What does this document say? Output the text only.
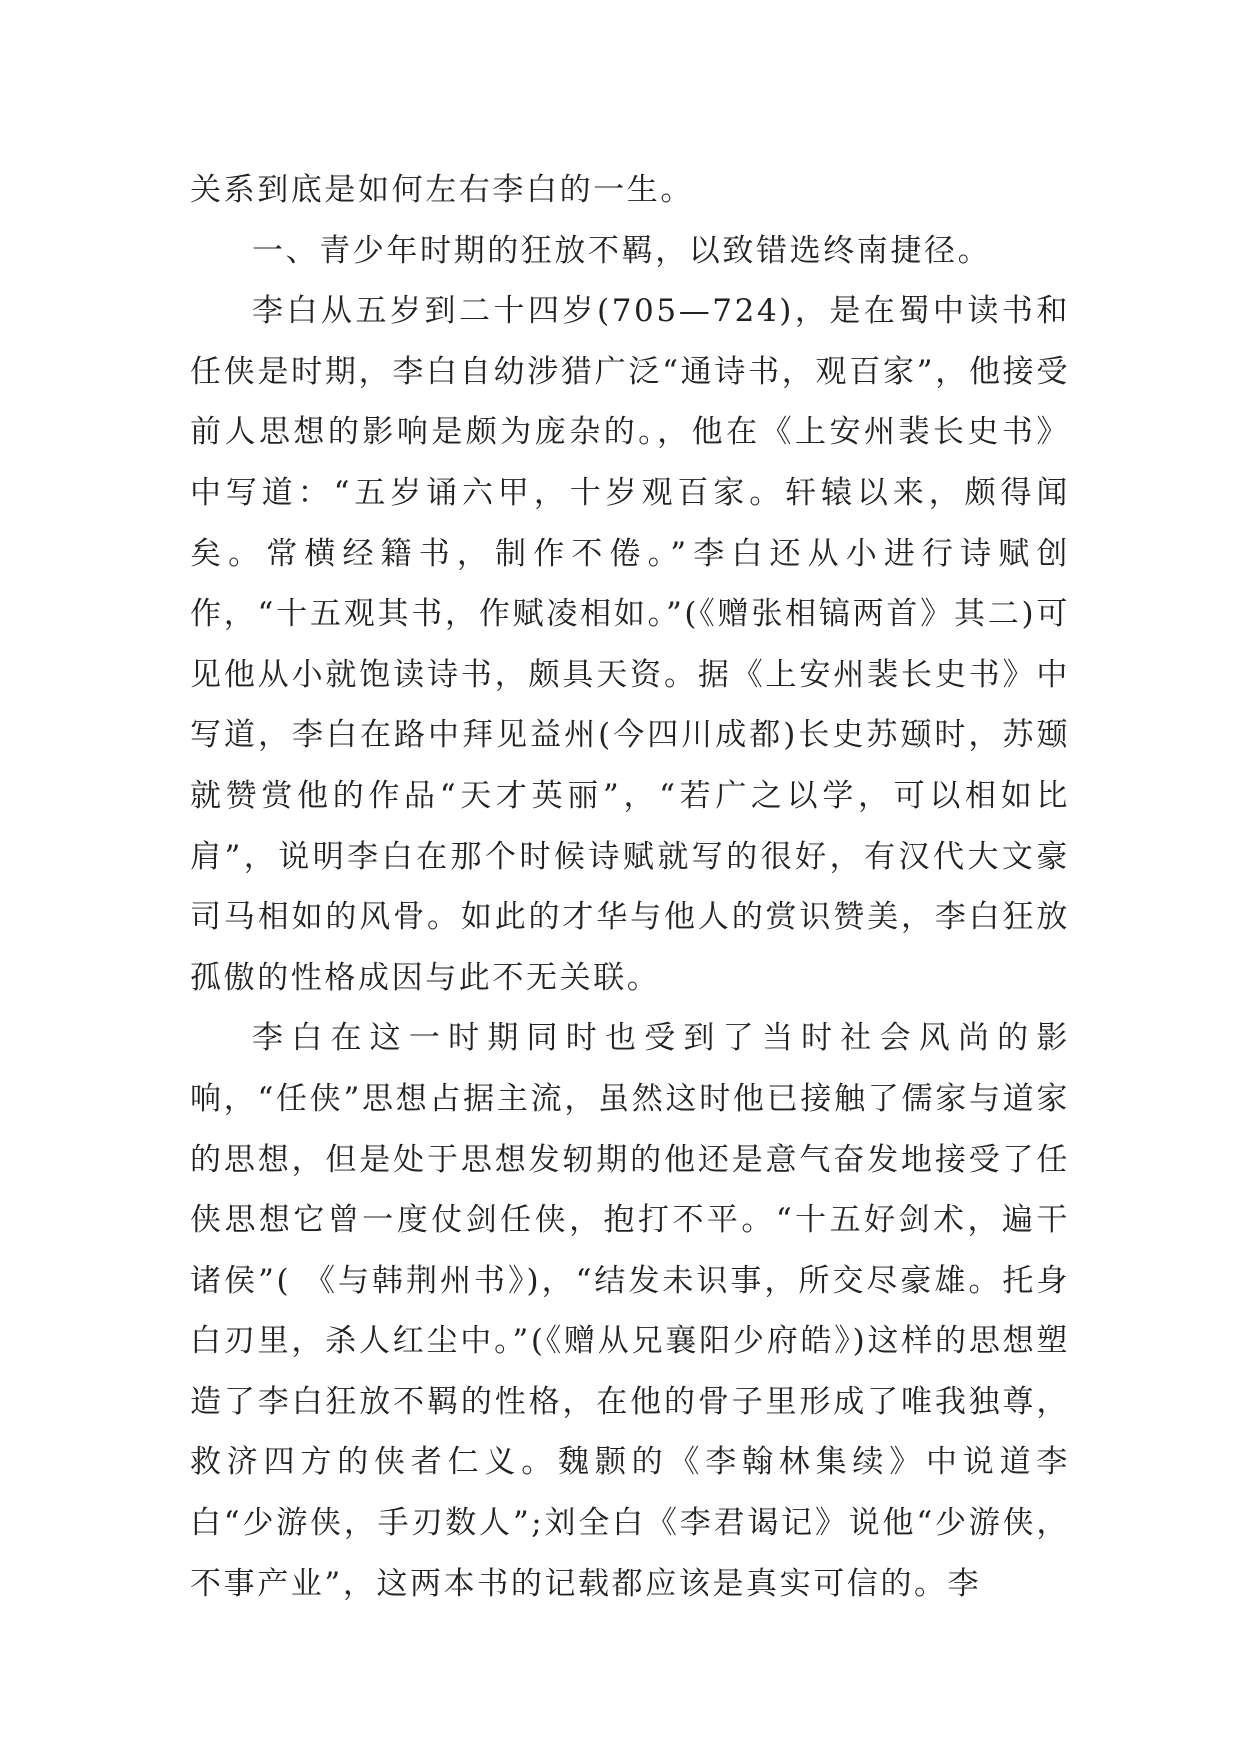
关系到底是如何左右李白的一生。

一、青少年时期的狂放不羁，以致错选终南捷径。

李白从五岁到二十四岁(705—724)，是在蜀中读书和任侠是时期，李白自幼涉猎广泛“通诗书，观百家”，他接受前人思想的影响是颇为庞杂的。，他在《上安州裴长史书》中写道：“五岁诵六甲，十岁观百家。轩辕以来，颇得闻矣。常横经籍书，制作不倦。”李白还从小进行诗赋创作，“十五观其书，作赋凌相如。”(《赠张相镐两首》其二)可见他从小就饱读诗书，颇具天资。据《上安州裴长史书》中写道，李白在路中拜见益州(今四川成都)长史苏颋时，苏颋就赞赏他的作品“天才英丽”，“若广之以学，可以相如比肩”，说明李白在那个时候诗赋就写的很好，有汉代大文豪司马相如的风骨。如此的才华与他人的赏识赞美，李白狂放孤傲的性格成因与此不无关联。

李白在这一时期同时也受到了当时社会风尚的影响，“任侠”思想占据主流，虽然这时他已接触了儒家与道家的思想，但是处于思想发轫期的他还是意气奋发地接受了任侠思想它曾一度仗剑任侠，抱打不平。“十五好剑术，遍干诸侯”( 《与韩荆州书》)，“结发未识事，所交尽豪雄。托身白刃里，杀人红尘中。”(《赠从兄襄阳少府皓》)这样的思想塑造了李白狂放不羁的性格，在他的骨子里形成了唯我独尊，救济四方的侠者仁义。魏颢的《李翰林集续》中说道李白“少游侠，手刃数人”;刘全白《李君谒记》说他“少游侠，不事产业”，这两本书的记载都应该是真实可信的。李
